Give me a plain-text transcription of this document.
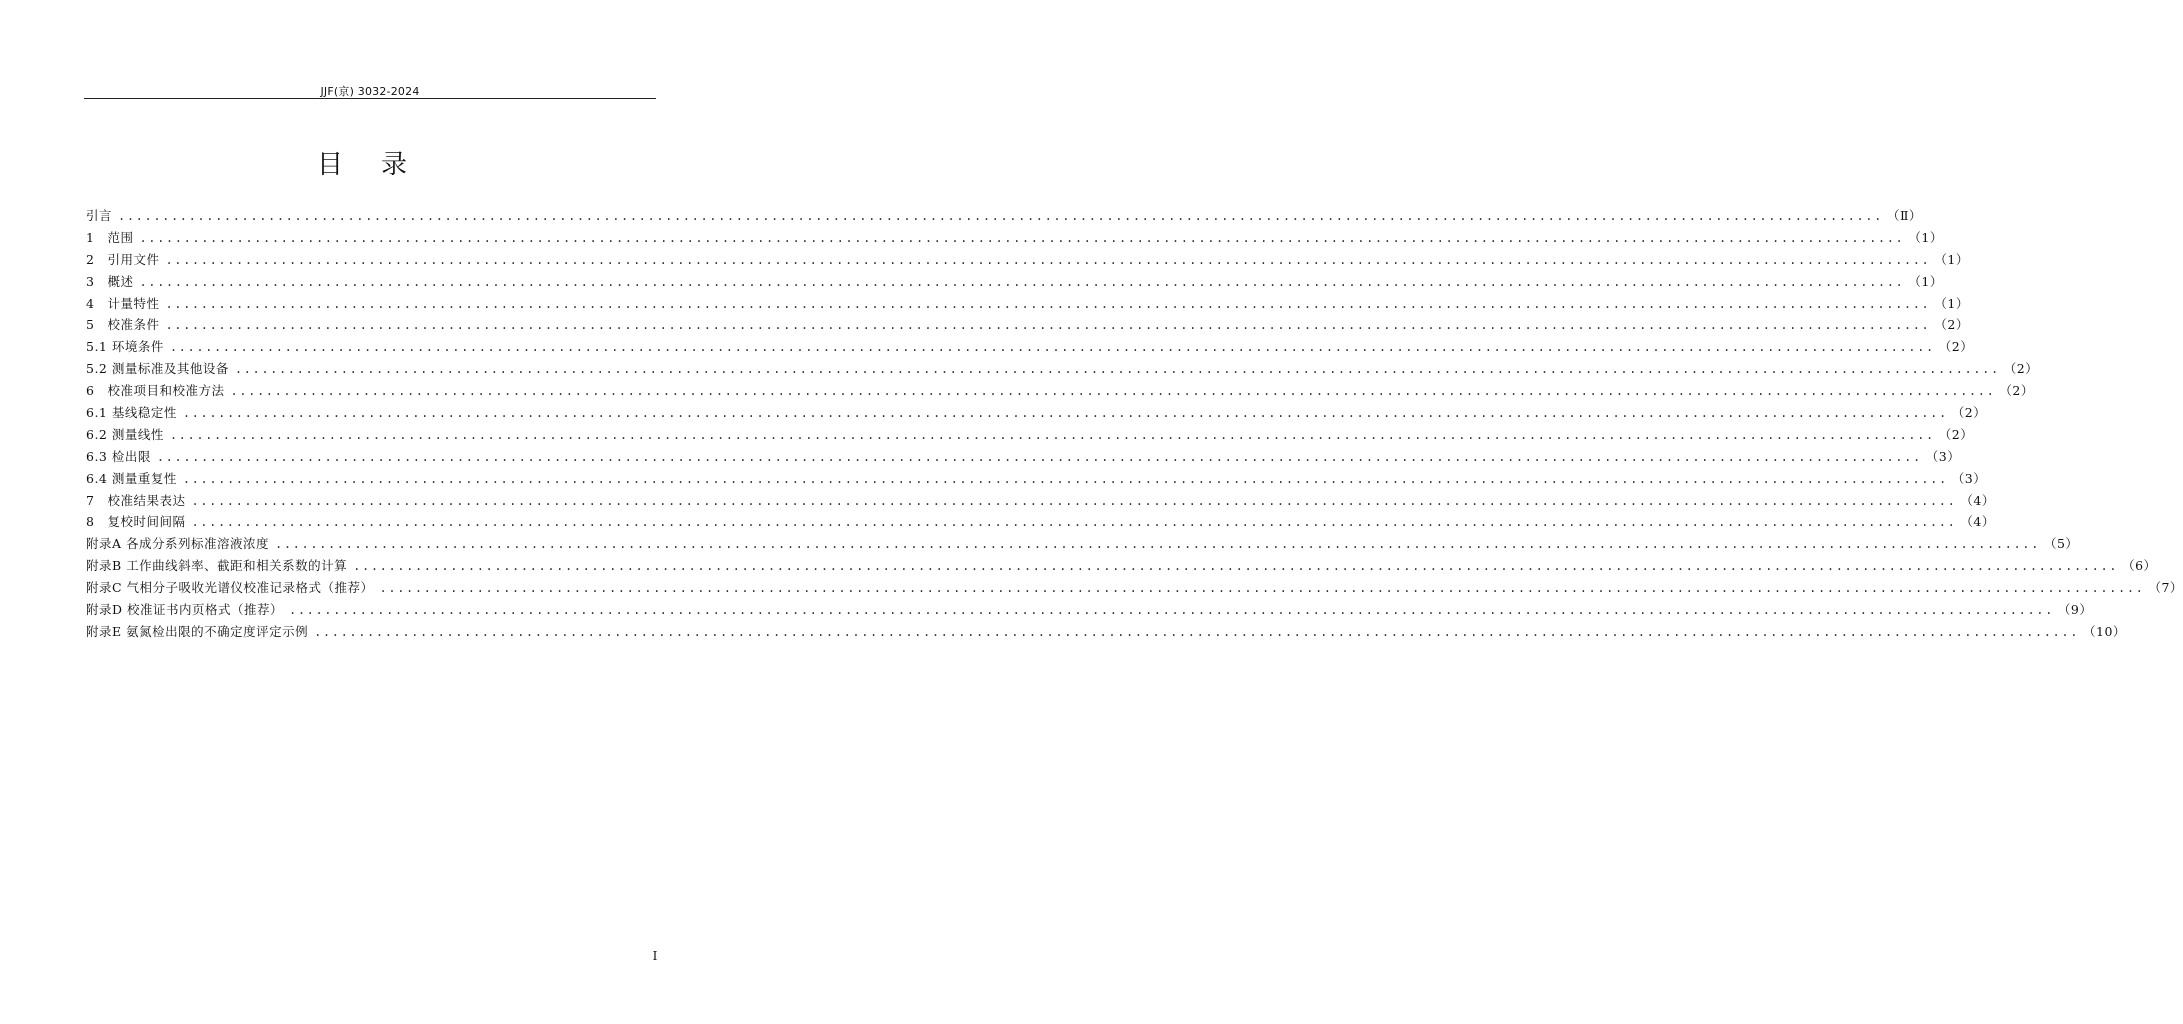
JJF(京) 3032-2024
目录
引言 ........................................................................................................................................................................................................ （Ⅱ）
1　范围 ........................................................................................................................................................................................................ （1）
2　引用文件 ........................................................................................................................................................................................................ （1）
3　概述 ........................................................................................................................................................................................................ （1）
4　计量特性 ........................................................................................................................................................................................................ （1）
5　校准条件 ........................................................................................................................................................................................................ （2）
5.1 环境条件 ........................................................................................................................................................................................................ （2）
5.2 测量标准及其他设备 ........................................................................................................................................................................................................ （2）
6　校准项目和校准方法 ........................................................................................................................................................................................................ （2）
6.1 基线稳定性 ........................................................................................................................................................................................................ （2）
6.2 测量线性 ........................................................................................................................................................................................................ （2）
6.3 检出限 ........................................................................................................................................................................................................ （3）
6.4 测量重复性 ........................................................................................................................................................................................................ （3）
7　校准结果表达 ........................................................................................................................................................................................................ （4）
8　复校时间间隔 ........................................................................................................................................................................................................ （4）
附录A 各成分系列标准溶液浓度 ........................................................................................................................................................................................................ （5）
附录B 工作曲线斜率、截距和相关系数的计算 ........................................................................................................................................................................................................ （6）
附录C 气相分子吸收光谱仪校准记录格式（推荐） ........................................................................................................................................................................................................ （7）
附录D 校准证书内页格式（推荐） ........................................................................................................................................................................................................ （9）
附录E 氨氮检出限的不确定度评定示例 ........................................................................................................................................................................................................ （10）
I
